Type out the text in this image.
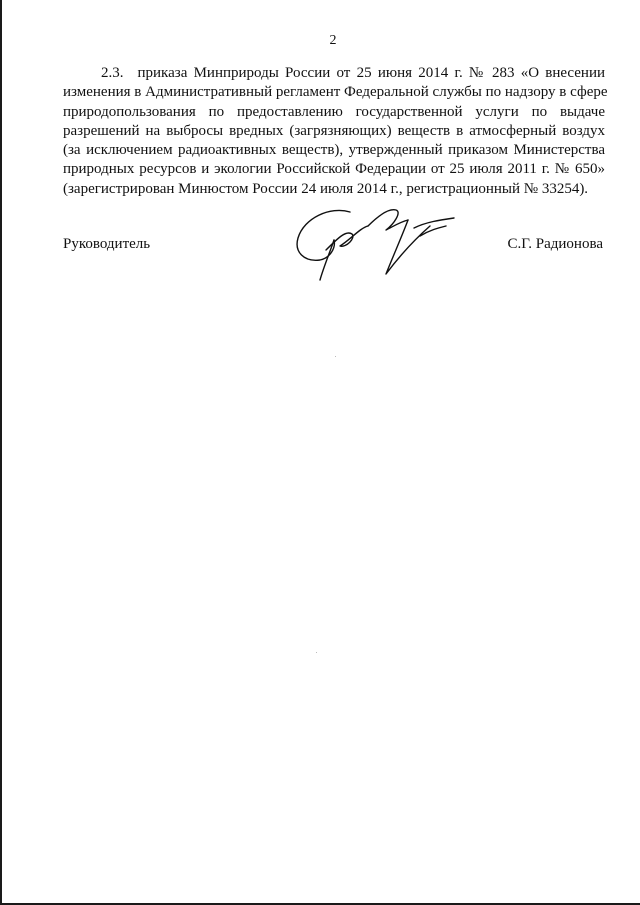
2
2.3. приказа Минприроды России от 25 июня 2014 г. № 283 «О внесении
изменения в Административный регламент Федеральной службы по надзору в сфере
природопользования по предоставлению государственной услуги по выдаче
разрешений на выбросы вредных (загрязняющих) веществ в атмосферный воздух
(за исключением радиоактивных веществ), утвержденный приказом Министерства
природных ресурсов и экологии Российской Федерации от 25 июля 2011 г. № 650»
(зарегистрирован Минюстом России 24 июля 2014 г., регистрационный № 33254).
Руководитель	С.Г. Радионова
